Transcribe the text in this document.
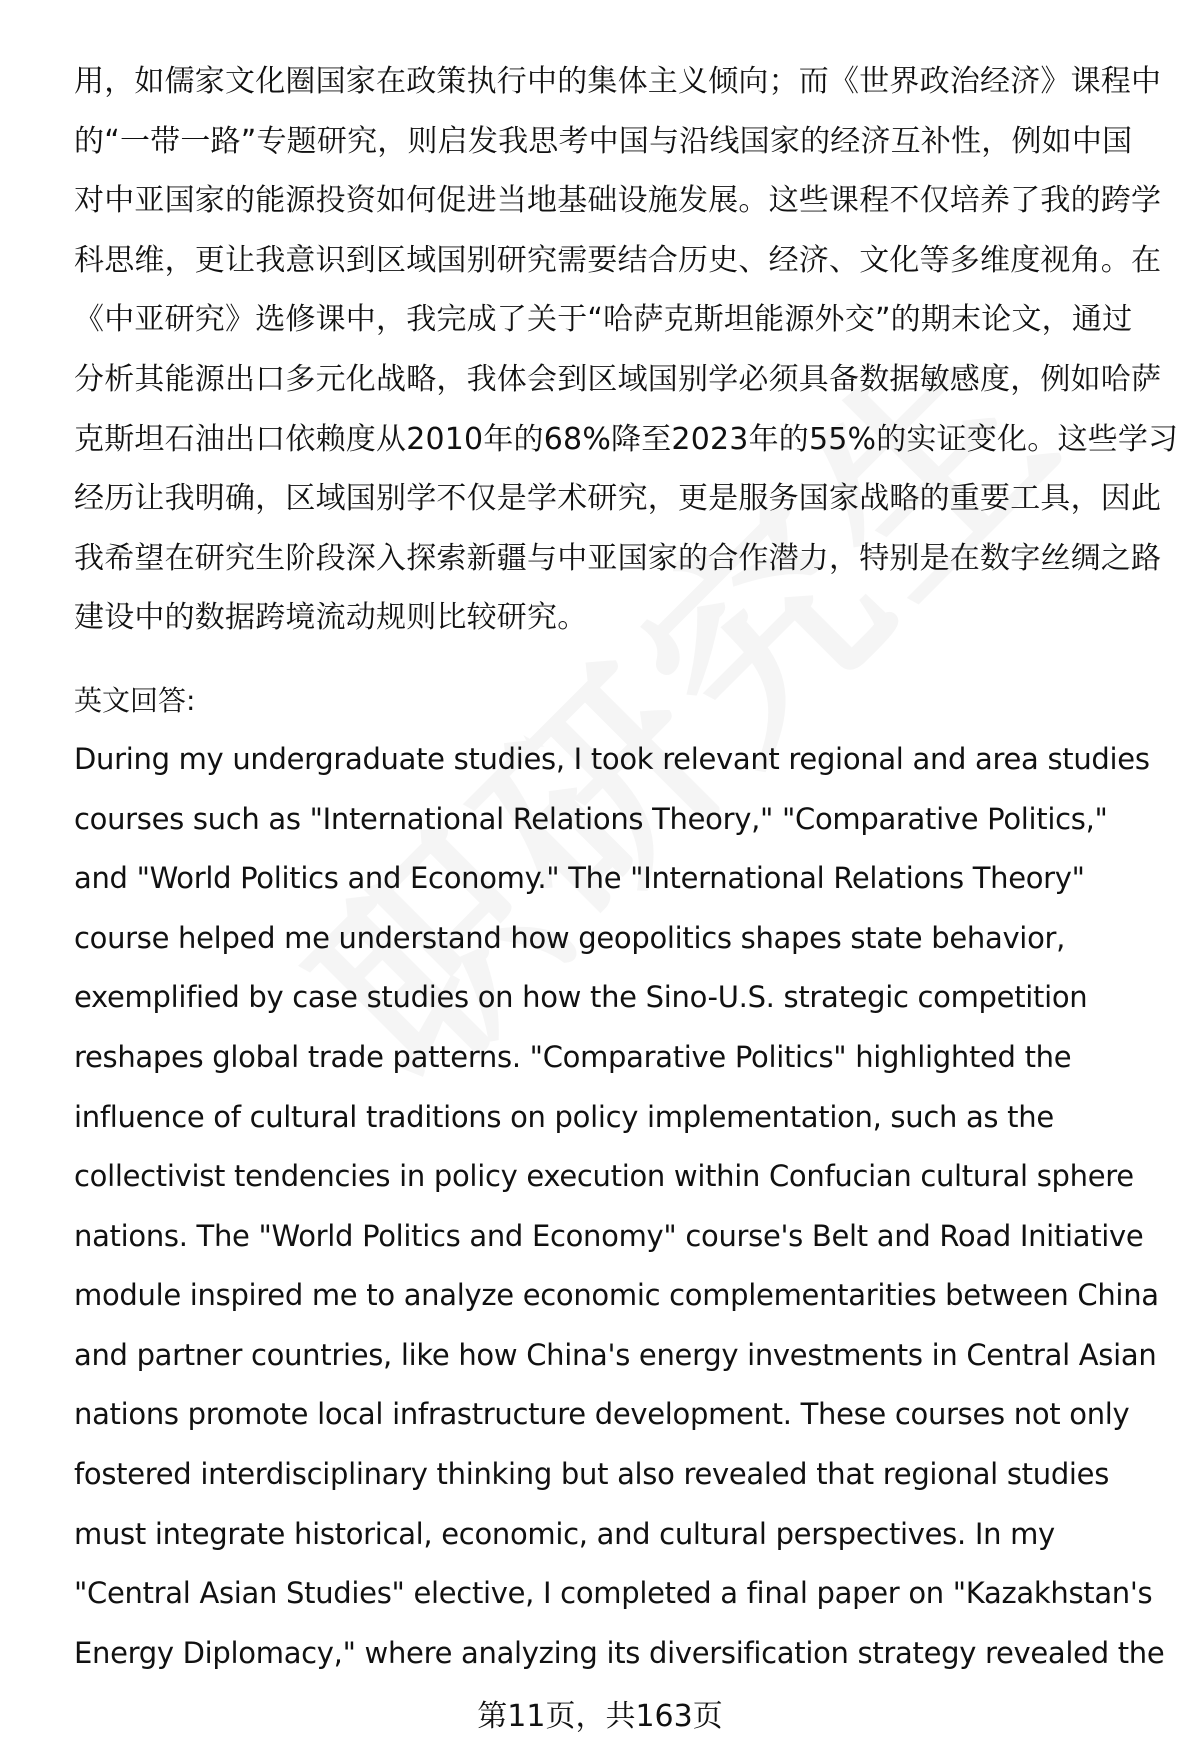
用，如儒家文化圈国家在政策执行中的集体主义倾向；而《世界政治经济》课程中
的“一带一路”专题研究，则启发我思考中国与沿线国家的经济互补性，例如中国
对中亚国家的能源投资如何促进当地基础设施发展。这些课程不仅培养了我的跨学
科思维，更让我意识到区域国别研究需要结合历史、经济、文化等多维度视角。在
《中亚研究》选修课中，我完成了关于“哈萨克斯坦能源外交”的期末论文，通过
分析其能源出口多元化战略，我体会到区域国别学必须具备数据敏感度，例如哈萨
克斯坦石油出口依赖度从2010年的68%降至2023年的55%的实证变化。这些学习
经历让我明确，区域国别学不仅是学术研究，更是服务国家战略的重要工具，因此
我希望在研究生阶段深入探索新疆与中亚国家的合作潜力，特别是在数字丝绸之路
建设中的数据跨境流动规则比较研究。

英文回答:

During my undergraduate studies, I took relevant regional and area studies
courses such as "International Relations Theory," "Comparative Politics,"
and "World Politics and Economy." The "International Relations Theory"
course helped me understand how geopolitics shapes state behavior,
exemplified by case studies on how the Sino-U.S. strategic competition
reshapes global trade patterns. "Comparative Politics" highlighted the
influence of cultural traditions on policy implementation, such as the
collectivist tendencies in policy execution within Confucian cultural sphere
nations. The "World Politics and Economy" course's Belt and Road Initiative
module inspired me to analyze economic complementarities between China
and partner countries, like how China's energy investments in Central Asian
nations promote local infrastructure development. These courses not only
fostered interdisciplinary thinking but also revealed that regional studies
must integrate historical, economic, and cultural perspectives. In my
"Central Asian Studies" elective, I completed a final paper on "Kazakhstan's
Energy Diplomacy," where analyzing its diversification strategy revealed the

第11页，共163页
